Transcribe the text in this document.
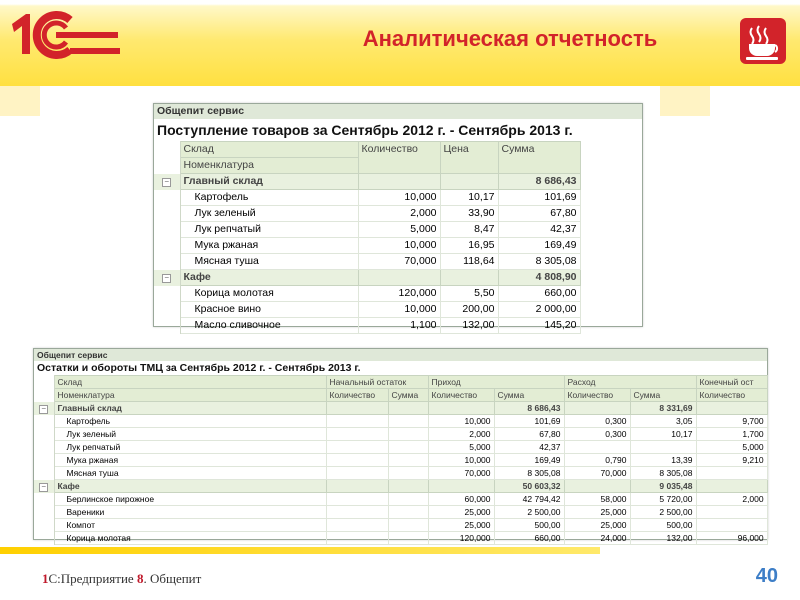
Аналитическая отчетность
Общепит сервис					
Поступление товаров за Сентябрь 2012 г. - Сентябрь 2013 г.					
	Склад	Количество	Цена	Сумма	
	Номенклатура				
−	Главный склад			8 686,43	
	Картофель	10,000	10,17	101,69	
	Лук зеленый	2,000	33,90	67,80	
	Лук репчатый	5,000	8,47	42,37	
	Мука ржаная	10,000	16,95	169,49	
	Мясная туша	70,000	118,64	8 305,08	
−	Кафе			4 808,90	
	Корица молотая	120,000	5,50	660,00	
	Красное вино	10,000	200,00	2 000,00	
	Масло сливочное	1,100	132,00	145,20	
Общепит сервис								
Остатки и обороты ТМЦ за Сентябрь 2012 г. - Сентябрь 2013 г.								
	Склад	Начальный остаток		Приход		Расход		Конечный ост
	Номенклатура	Количество	Сумма	Количество	Сумма	Количество	Сумма	Количество
−	Главный склад				8 686,43		8 331,69	
	Картофель			10,000	101,69	0,300	3,05	9,700
	Лук зеленый			2,000	67,80	0,300	10,17	1,700
	Лук репчатый			5,000	42,37			5,000
	Мука ржаная			10,000	169,49	0,790	13,39	9,210
	Мясная туша			70,000	8 305,08	70,000	8 305,08	
−	Кафе				50 603,32		9 035,48	
	Берлинское пирожное			60,000	42 794,42	58,000	5 720,00	2,000
	Вареники			25,000	2 500,00	25,000	2 500,00	
	Компот			25,000	500,00	25,000	500,00	
	Корица молотая			120,000	660,00	24,000	132,00	96,000
1С:Предприятие 8. Общепит	40
